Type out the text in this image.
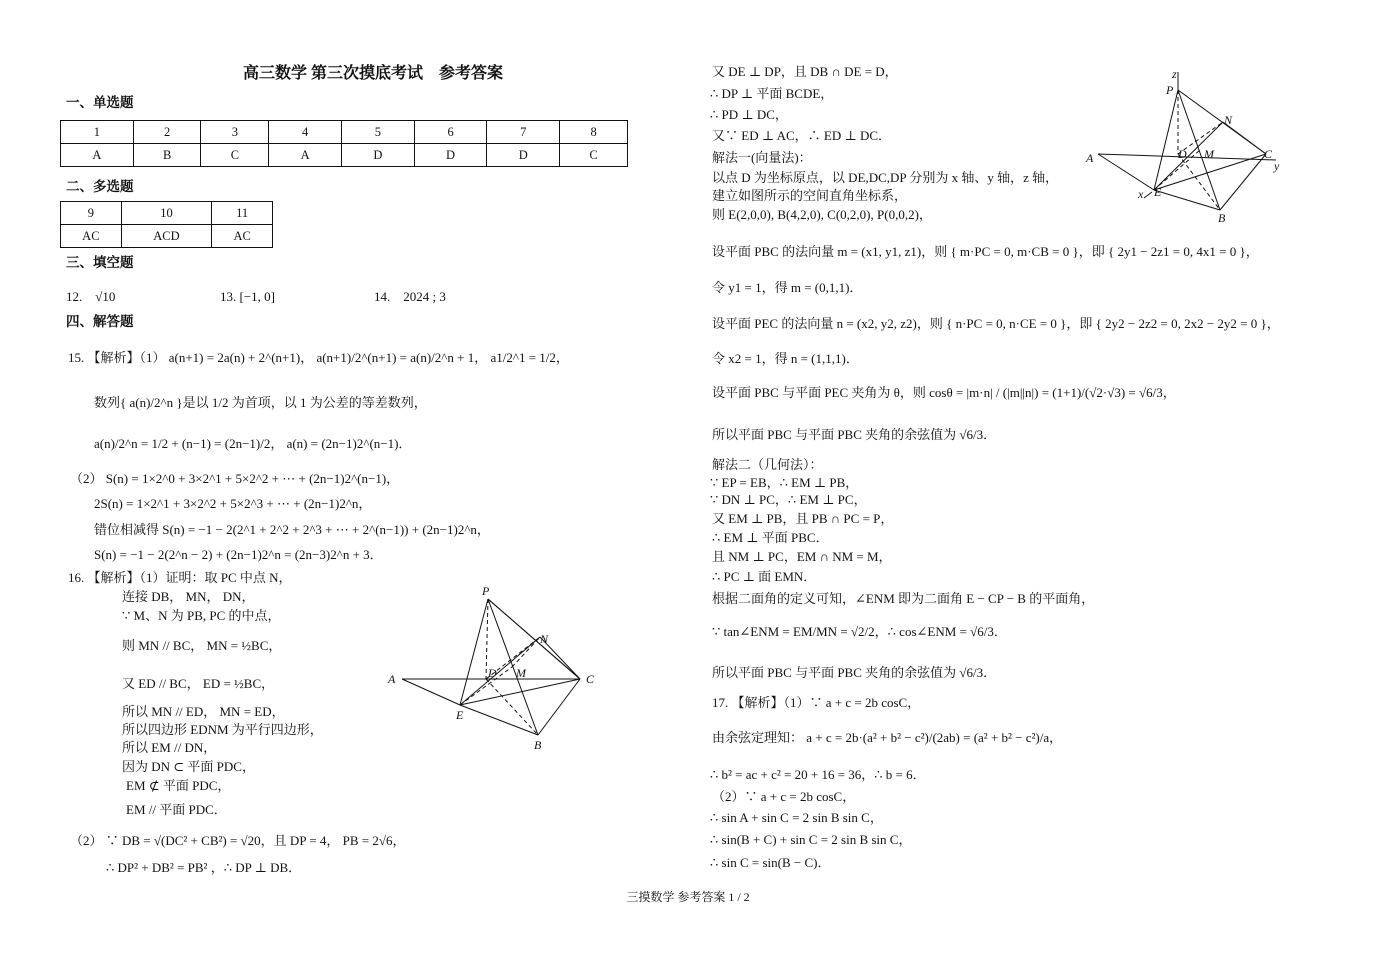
高三数学 第三次摸底考试　参考答案
一、单选题
1	2	3	4	5	6	7	8
A	B	C	A	D	D	D	C
二、多选题
9	10	11
AC	ACD	AC
三、填空题
12.　√10	13. [−1, 0]	14.　2024 ; 3
四、解答题
15. 【解析】（1） a(n+1) = 2a(n) + 2^(n+1)， a(n+1)/2^(n+1) = a(n)/2^n + 1， a1/2^1 = 1/2，
数列{ a(n)/2^n }是以 1/2 为首项，以 1 为公差的等差数列，
a(n)/2^n = 1/2 + (n−1) = (2n−1)/2， a(n) = (2n−1)2^(n−1)．
（2） S(n) = 1×2^0 + 3×2^1 + 5×2^2 + ⋯ + (2n−1)2^(n−1)，
2S(n) = 1×2^1 + 3×2^2 + 5×2^3 + ⋯ + (2n−1)2^n，
错位相减得 S(n) = −1 − 2(2^1 + 2^2 + 2^3 + ⋯ + 2^(n−1)) + (2n−1)2^n，
S(n) = −1 − 2(2^n − 2) + (2n−1)2^n = (2n−3)2^n + 3．
16. 【解析】（1）证明：取 PC 中点 N，
连接 DB， MN， DN，
∵ M、N 为 PB, PC 的中点，
则 MN // BC， MN = ½BC，
又 ED // BC， ED = ½BC，
所以 MN // ED， MN = ED，
所以四边形 EDNM 为平行四边形，
所以 EM // DN，
因为 DN ⊂ 平面 PDC，
EM ⊄ 平面 PDC，
EM // 平面 PDC．
（2） ∵ DB = √(DC² + CB²) = √20，且 DP = 4， PB = 2√6，
∴ DP² + DB² = PB² ，∴ DP ⊥ DB．
P
N
A	D M	C
E
B
又 DE ⊥ DP，且 DB ∩ DE = D，
∴ DP ⊥ 平面 BCDE，
∴ PD ⊥ DC，
又∵ ED ⊥ AC，∴ ED ⊥ DC．
解法一(向量法)：
以点 D 为坐标原点，以 DE,DC,DP 分别为 x 轴、y 轴，z 轴，
建立如图所示的空间直角坐标系，
则 E(2,0,0), B(4,2,0), C(0,2,0), P(0,0,2)，
设平面 PBC 的法向量 m = (x1, y1, z1)，则 { m·PC = 0, m·CB = 0 }，即 { 2y1 − 2z1 = 0, 4x1 = 0 }，
令 y1 = 1，得 m = (0,1,1)．
设平面 PEC 的法向量 n = (x2, y2, z2)，则 { n·PC = 0, n·CE = 0 }，即 { 2y2 − 2z2 = 0, 2x2 − 2y2 = 0 }，
令 x2 = 1，得 n = (1,1,1)．
设平面 PBC 与平面 PEC 夹角为 θ，则 cosθ = |m·n| / (|m||n|) = (1+1)/(√2·√3) = √6/3，
所以平面 PBC 与平面 PBC 夹角的余弦值为 √6/3．
解法二（几何法）：
∵ EP = EB，∴ EM ⊥ PB，
∵ DN ⊥ PC，∴ EM ⊥ PC，
又 EM ⊥ PB，且 PB ∩ PC = P，
∴ EM ⊥ 平面 PBC．
且 NM ⊥ PC，EM ∩ NM = M，
∴ PC ⊥ 面 EMN．
根据二面角的定义可知，∠ENM 即为二面角 E − CP − B 的平面角，
∵ tan∠ENM = EM/MN = √2/2，∴ cos∠ENM = √6/3．
所以平面 PBC 与平面 PBC 夹角的余弦值为 √6/3．
17. 【解析】（1）∵ a + c = 2b cosC，
由余弦定理知： a + c = 2b·(a² + b² − c²)/(2ab) = (a² + b² − c²)/a，
∴ b² = ac + c² = 20 + 16 = 36，∴ b = 6．
（2）∵ a + c = 2b cosC，
∴ sin A + sin C = 2 sin B sin C，
∴ sin(B + C) + sin C = 2 sin B sin C，
∴ sin C = sin(B − C)．
z
P
N
A	D M	C
y
x E
B
三摸数学 参考答案 1 / 2
